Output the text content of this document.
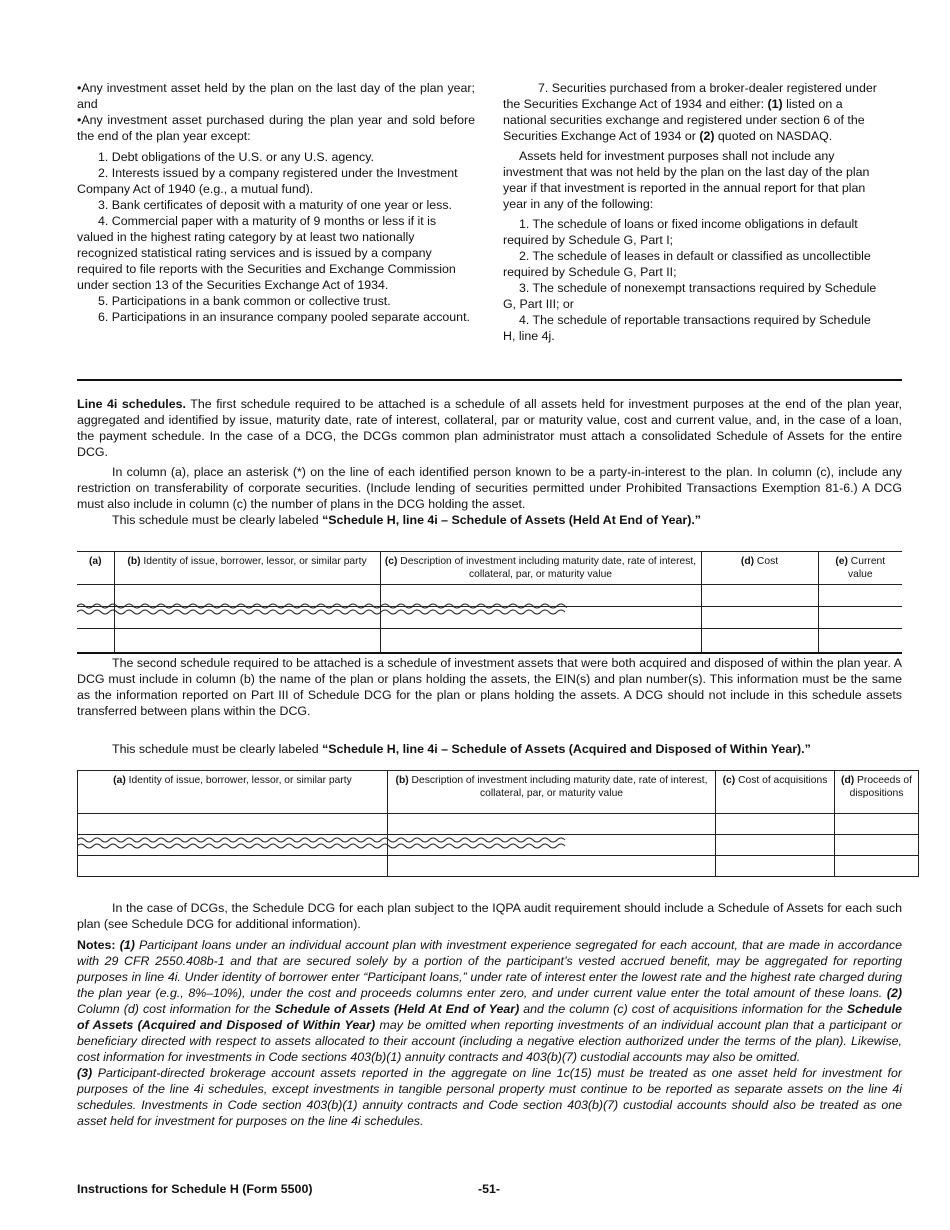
• Any investment asset held by the plan on the last day of the plan year; and

• Any investment asset purchased during the plan year and sold before the end of the plan year except:

1. Debt obligations of the U.S. or any U.S. agency.

2. Interests issued by a company registered under the Investment Company Act of 1940 (e.g., a mutual fund).

3. Bank certificates of deposit with a maturity of one year or less.

4. Commercial paper with a maturity of 9 months or less if it is valued in the highest rating category by at least two nationally recognized statistical rating services and is issued by a company required to file reports with the Securities and Exchange Commission under section 13 of the Securities Exchange Act of 1934.

5. Participations in a bank common or collective trust.

6. Participations in an insurance company pooled separate account.

7. Securities purchased from a broker-dealer registered under the Securities Exchange Act of 1934 and either: (1) listed on a national securities exchange and registered under section 6 of the Securities Exchange Act of 1934 or (2) quoted on NASDAQ.

Assets held for investment purposes shall not include any investment that was not held by the plan on the last day of the plan year if that investment is reported in the annual report for that plan year in any of the following:

1. The schedule of loans or fixed income obligations in default required by Schedule G, Part I;

2. The schedule of leases in default or classified as uncollectible required by Schedule G, Part II;

3. The schedule of nonexempt transactions required by Schedule G, Part III; or

4. The schedule of reportable transactions required by Schedule H, line 4j.

Line 4i schedules. The first schedule required to be attached is a schedule of all assets held for investment purposes at the end of the plan year, aggregated and identified by issue, maturity date, rate of interest, collateral, par or maturity value, cost and current value, and, in the case of a loan, the payment schedule. In the case of a DCG, the DCGs common plan administrator must attach a consolidated Schedule of Assets for the entire DCG.

In column (a), place an asterisk (*) on the line of each identified person known to be a party-in-interest to the plan. In column (c), include any restriction on transferability of corporate securities. (Include lending of securities permitted under Prohibited Transactions Exemption 81-6.) A DCG must also include in column (c) the number of plans in the DCG holding the asset.

This schedule must be clearly labeled “Schedule H, line 4i – Schedule of Assets (Held At End of Year).”

(a)	(b) Identity of issue, borrower, lessor, or similar party	(c) Description of investment including maturity date, rate of interest, collateral, par, or maturity value	(d) Cost	(e) Current value

The second schedule required to be attached is a schedule of investment assets that were both acquired and disposed of within the plan year. A DCG must include in column (b) the name of the plan or plans holding the assets, the EIN(s) and plan number(s). This information must be the same as the information reported on Part III of Schedule DCG for the plan or plans holding the assets. A DCG should not include in this schedule assets transferred between plans within the DCG.

This schedule must be clearly labeled “Schedule H, line 4i – Schedule of Assets (Acquired and Disposed of Within Year).”

(a) Identity of issue, borrower, lessor, or similar party	(b) Description of investment including maturity date, rate of interest, collateral, par, or maturity value	(c) Cost of acquisitions	(d) Proceeds of dispositions

In the case of DCGs, the Schedule DCG for each plan subject to the IQPA audit requirement should include a Schedule of Assets for each such plan (see Schedule DCG for additional information).

Notes: (1) Participant loans under an individual account plan with investment experience segregated for each account, that are made in accordance with 29 CFR 2550.408b-1 and that are secured solely by a portion of the participant’s vested accrued benefit, may be aggregated for reporting purposes in line 4i. Under identity of borrower enter “Participant loans,” under rate of interest enter the lowest rate and the highest rate charged during the plan year (e.g., 8%–10%), under the cost and proceeds columns enter zero, and under current value enter the total amount of these loans. (2) Column (d) cost information for the Schedule of Assets (Held At End of Year) and the column (c) cost of acquisitions information for the Schedule of Assets (Acquired and Disposed of Within Year) may be omitted when reporting investments of an individual account plan that a participant or beneficiary directed with respect to assets allocated to their account (including a negative election authorized under the terms of the plan). Likewise, cost information for investments in Code sections 403(b)(1) annuity contracts and 403(b)(7) custodial accounts may also be omitted.

(3) Participant-directed brokerage account assets reported in the aggregate on line 1c(15) must be treated as one asset held for investment for purposes of the line 4i schedules, except investments in tangible personal property must continue to be reported as separate assets on the line 4i schedules. Investments in Code section 403(b)(1) annuity contracts and Code section 403(b)(7) custodial accounts should also be treated as one asset held for investment for purposes on the line 4i schedules.

Instructions for Schedule H (Form 5500)	-51-
